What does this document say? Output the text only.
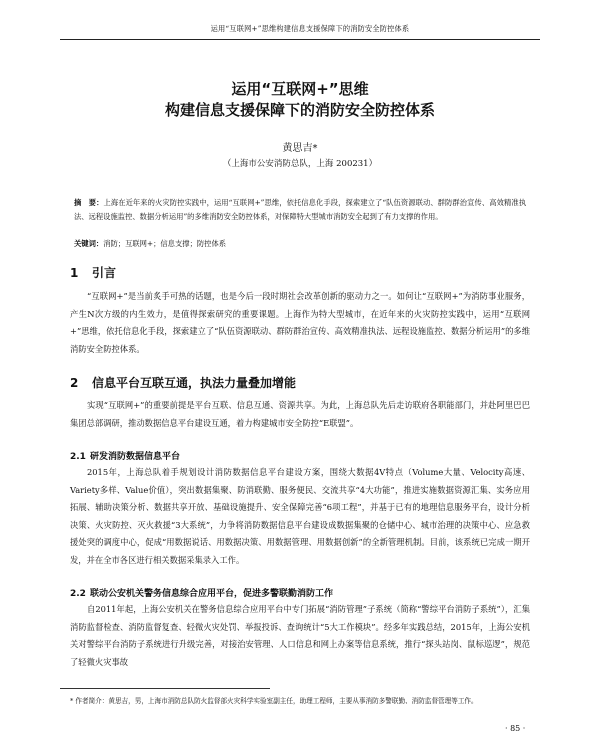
运用“互联网+”思维构建信息支援保障下的消防安全防控体系
运用“互联网+”思维
构建信息支援保障下的消防安全防控体系
黄思吉*
（上海市公安消防总队，上海 200231）
摘　要：上海在近年来的火灾防控实践中，运用“互联网+”思维，依托信息化手段，探索建立了“队伍资源联动、群防群治宣传、高效精准执法、远程设施监控、数据分析运用”的多维消防安全防控体系，对保障特大型城市消防安全起到了有力支撑的作用。
关键词：消防；互联网+；信息支撑；防控体系
1 引言
“互联网+”是当前炙手可热的话题，也是今后一段时期社会改革创新的驱动力之一。如何让“互联网+”为消防事业服务，产生N次方级的内生效力，是值得探索研究的重要课题。上海作为特大型城市，在近年来的火灾防控实践中，运用“互联网+”思维，依托信息化手段，探索建立了“队伍资源联动、群防群治宣传、高效精准执法、远程设施监控、数据分析运用”的多维消防安全防控体系。
2 信息平台互联互通，执法力量叠加增能
实现“互联网+”的重要前提是平台互联、信息互通、资源共享。为此，上海总队先后走访联府各职能部门，并赴阿里巴巴集团总部调研，推动数据信息平台建设互通，着力构建城市安全防控“E联盟”。
2.1 研发消防数据信息平台
2015年，上海总队着手规划设计消防数据信息平台建设方案，围绕大数据4V特点（Volume大量、Velocity高速、Variety多样、Value价值），突出数据集聚、防消联勤、服务便民、交流共享“4大功能”，推进实施数据资源汇集、实务应用拓展、辅助决策分析、数据共享开放、基础设施提升、安全保障完善“6项工程”，并基于已有的地理信息服务平台，设计分析决策、火灾防控、灭火救援“3大系统”，力争将消防数据信息平台建设成数据集聚的仓储中心、城市治理的决策中心、应急救援处突的调度中心，促成“用数据说话、用数据决策、用数据管理、用数据创新”的全新管理机制。目前，该系统已完成一期开发，并在全市各区进行相关数据采集录入工作。
2.2 联动公安机关警务信息综合应用平台，促进多警联勤消防工作
自2011年起，上海公安机关在警务信息综合应用平台中专门拓展“消防管理”子系统（简称“警综平台消防子系统”），汇集消防监督检查、消防监督复查、轻微火灾处罚、举报投诉、查询统计“5大工作模块”。经多年实践总结，2015年，上海公安机关对警综平台消防子系统进行升级完善，对接治安管理、人口信息和网上办案等信息系统，推行“探头站岗、鼠标巡逻”，规范了轻微火灾事故
* 作者简介：黄思吉，男，上海市消防总队防火监督部火灾科学实验室副主任，助理工程师，主要从事消防多警联勤、消防监督管理等工作。
· 85 ·
